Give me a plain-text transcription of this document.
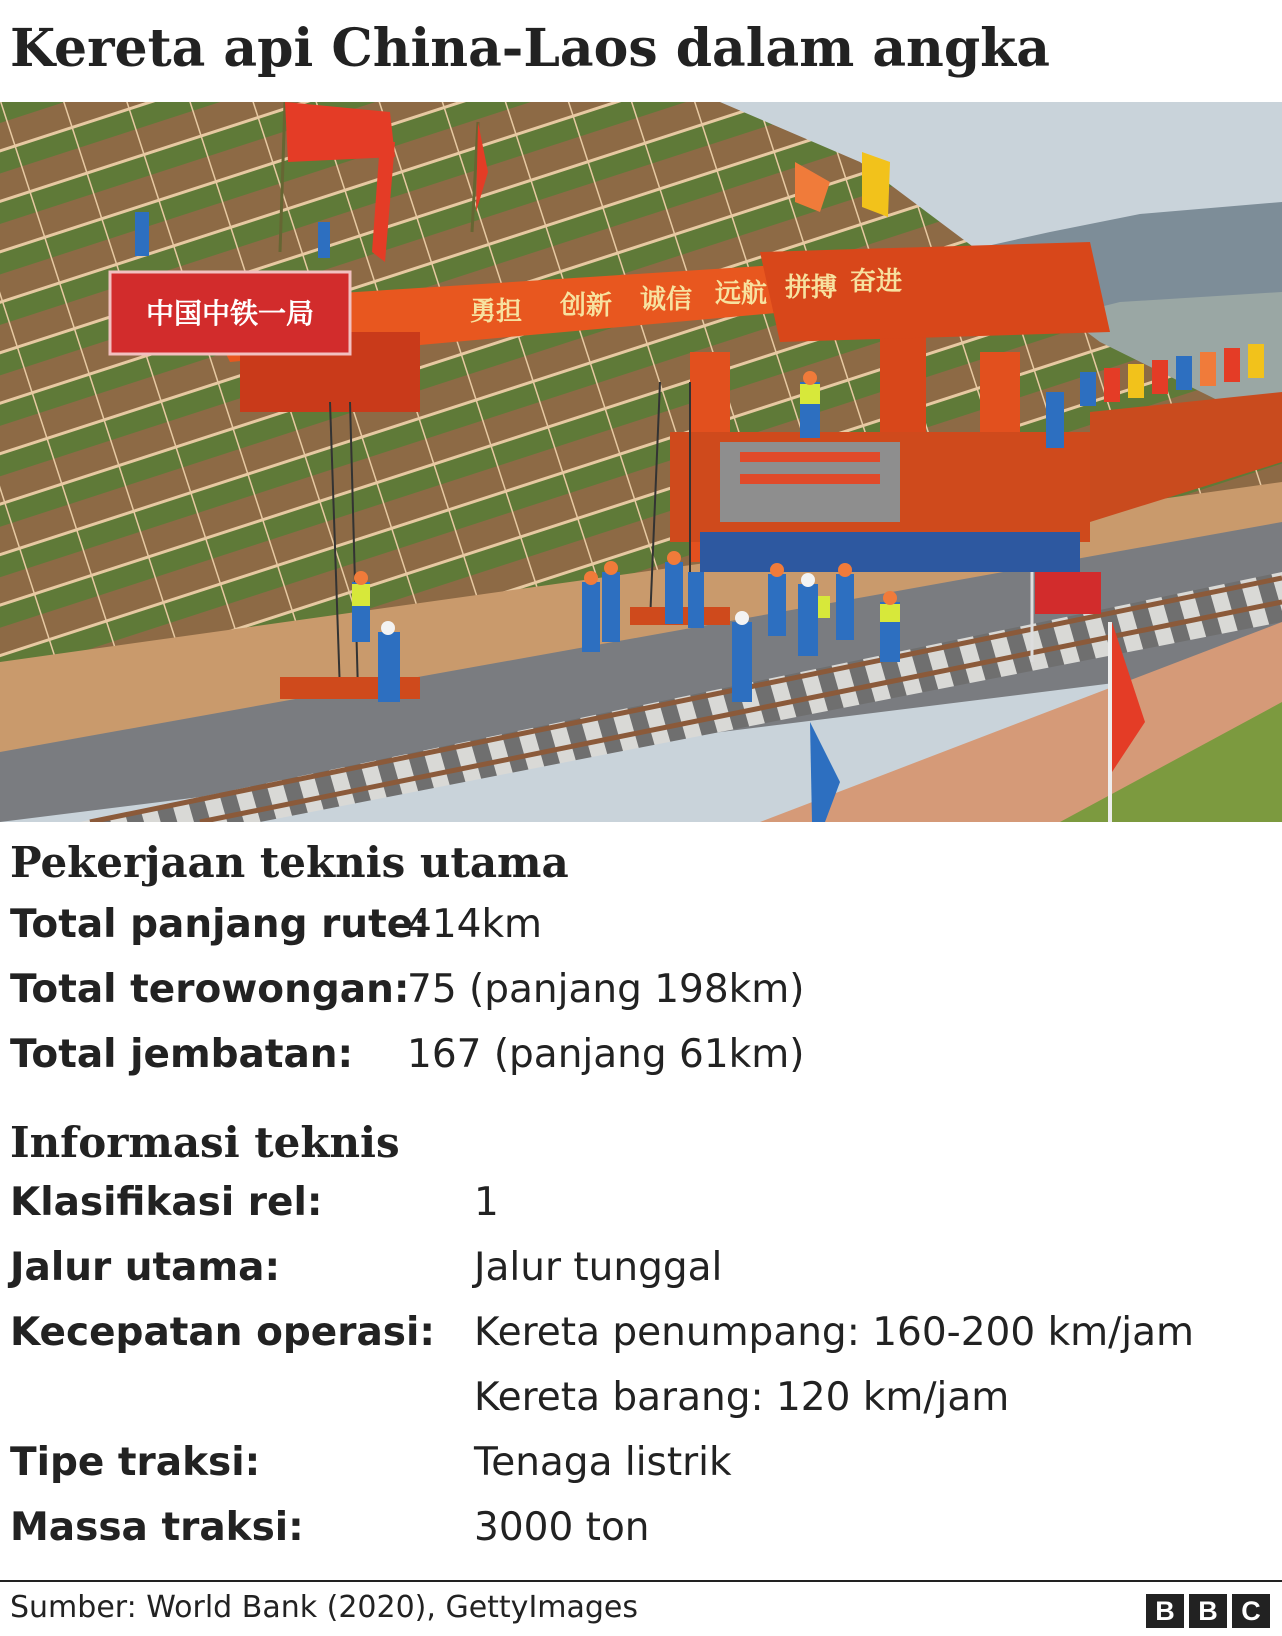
Kereta api China-Laos dalam angka
中国中铁一局	勇担 创新 诚信 远航 拼搏 奋进
Pekerjaan teknis utama
Total panjang rute:
414km
Total terowongan:
75 (panjang 198km)
Total jembatan: 167 (panjang 61km)
Informasi teknis
Klasifikasi rel:	1
Jalur utama:	Jalur tunggal
Kecepatan operasi: Kereta penumpang: 160-200 km/jam
Kereta barang: 120 km/jam
Tipe traksi:	Tenaga listrik
Massa traksi:	3000 ton
Sumber: World Bank (2020), GettyImages	B B C
